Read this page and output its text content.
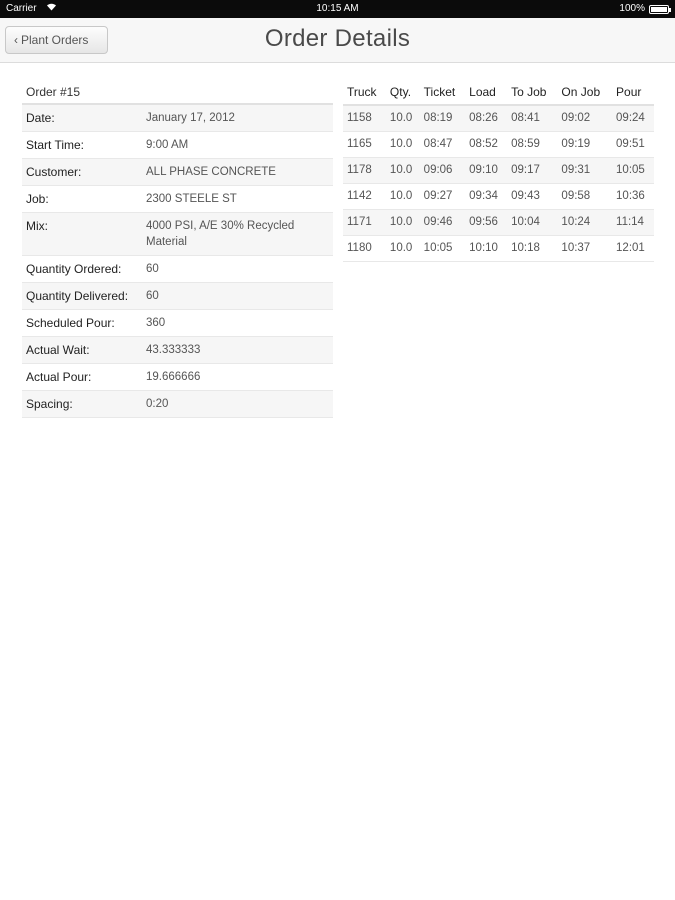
Carrier	10:15 AM	100%
‹ Plant Orders	Order Details
Order #15
Date:	January 17, 2012
Start Time:	9:00 AM
Customer:	ALL PHASE CONCRETE
Job:	2300 STEELE ST
Mix:	4000 PSI, A/E 30% Recycled Material
Quantity Ordered:	60
Quantity Delivered:	60
Scheduled Pour:	360
Actual Wait:	43.333333
Actual Pour:	19.666666
Spacing:	0:20
Truck	Qty.	Ticket	Load	To Job	On Job	Pour
1158	10.0	08:19	08:26	08:41	09:02	09:24
1165	10.0	08:47	08:52	08:59	09:19	09:51
1178	10.0	09:06	09:10	09:17	09:31	10:05
1142	10.0	09:27	09:34	09:43	09:58	10:36
1171	10.0	09:46	09:56	10:04	10:24	11:14
1180	10.0	10:05	10:10	10:18	10:37	12:01
